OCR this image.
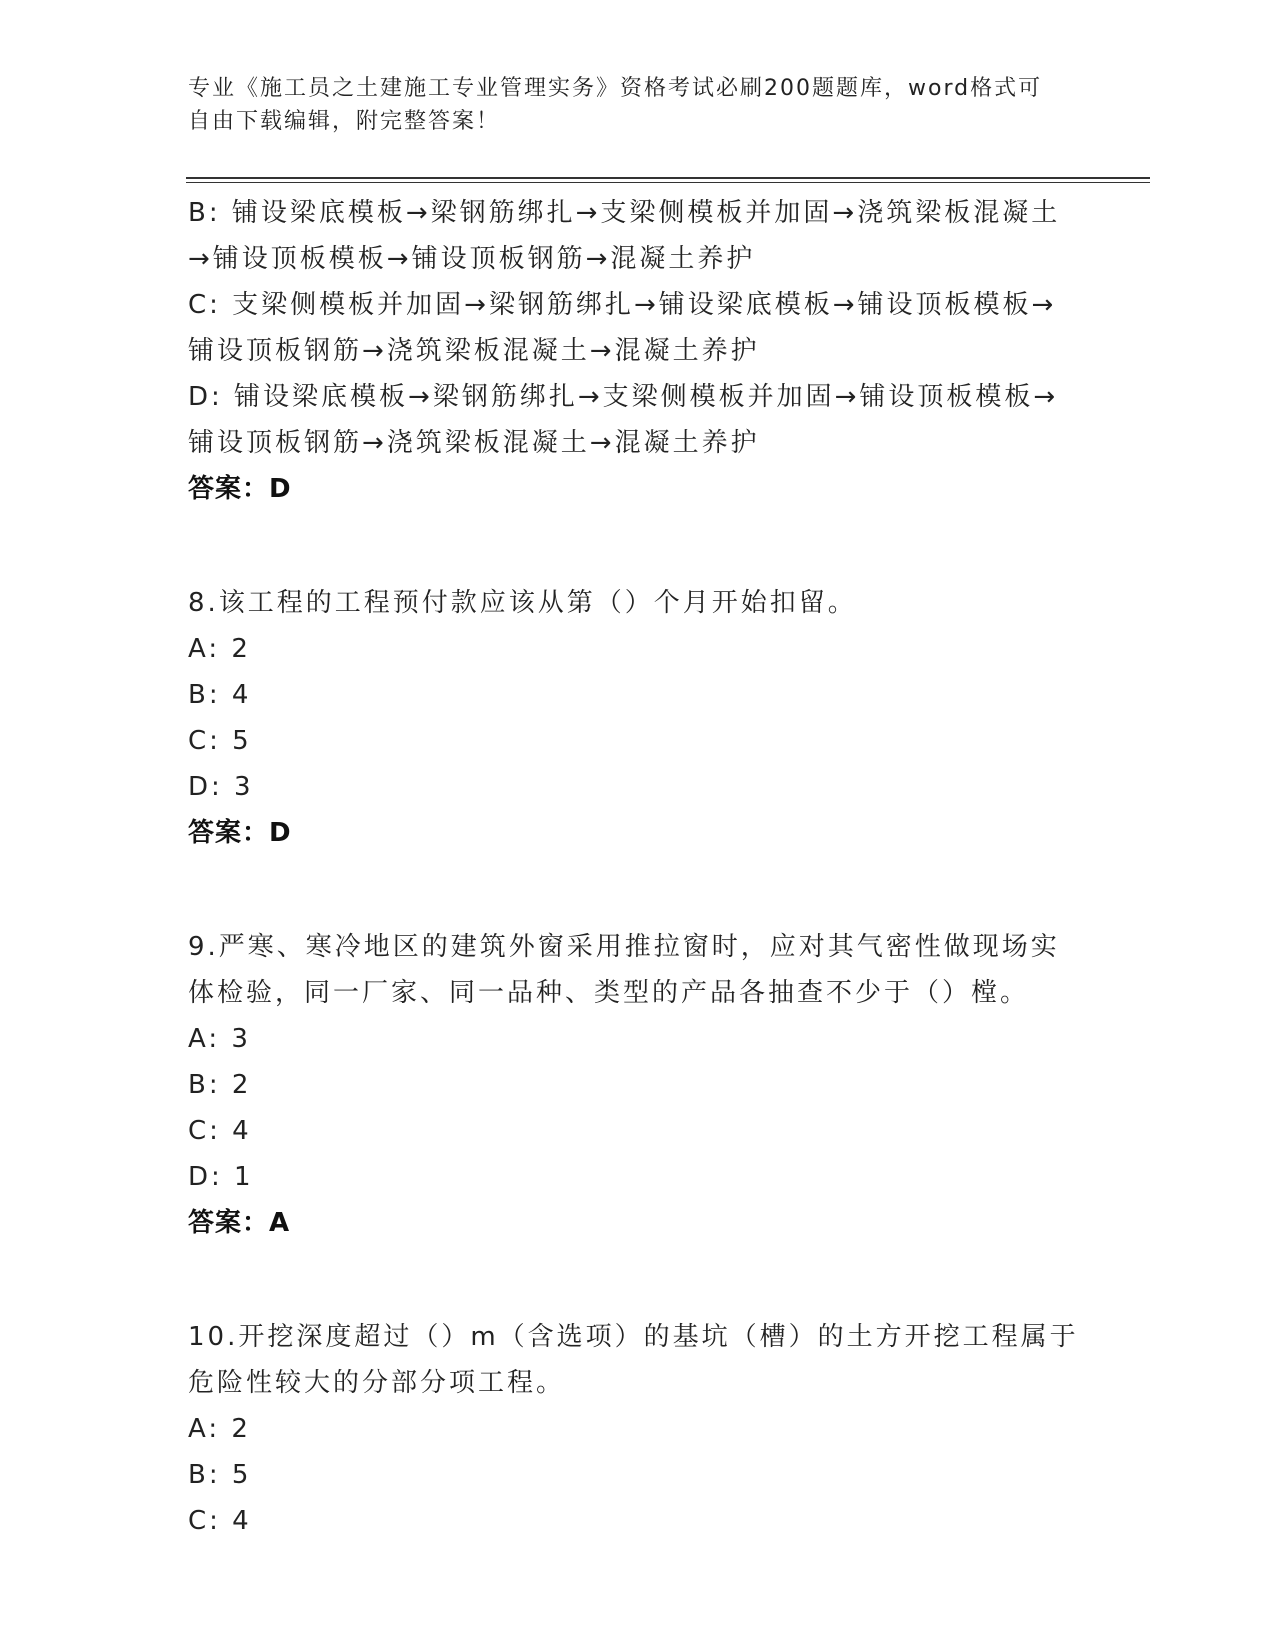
专业《施工员之土建施工专业管理实务》资格考试必刷200题题库，word格式可
自由下载编辑，附完整答案！
B: 铺设梁底模板→梁钢筋绑扎→支梁侧模板并加固→浇筑梁板混凝土
→铺设顶板模板→铺设顶板钢筋→混凝土养护
C: 支梁侧模板并加固→梁钢筋绑扎→铺设梁底模板→铺设顶板模板→
铺设顶板钢筋→浇筑梁板混凝土→混凝土养护
D: 铺设梁底模板→梁钢筋绑扎→支梁侧模板并加固→铺设顶板模板→
铺设顶板钢筋→浇筑梁板混凝土→混凝土养护
答案：D
8.该工程的工程预付款应该从第（）个月开始扣留。
A: 2
B: 4
C: 5
D: 3
答案：D
9.严寒、寒冷地区的建筑外窗采用推拉窗时，应对其气密性做现场实
体检验，同一厂家、同一品种、类型的产品各抽查不少于（）樘。
A: 3
B: 2
C: 4
D: 1
答案：A
10.开挖深度超过（）m（含选项）的基坑（槽）的土方开挖工程属于
危险性较大的分部分项工程。
A: 2
B: 5
C: 4
